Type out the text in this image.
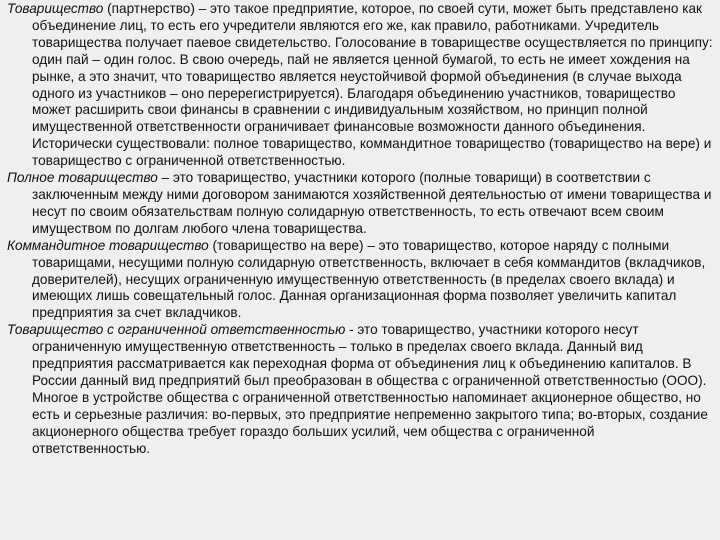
Товарищество (партнерство) – это такое предприятие, которое, по своей сути, может быть представлено как объединение лиц, то есть его учредители являются его же, как правило, работниками. Учредитель товарищества получает паевое свидетельство. Голосование в товариществе осуществляется по принципу: один пай – один голос. В свою очередь, пай не является ценной бумагой, то есть не имеет хождения на рынке, а это значит, что товарищество является неустойчивой формой объединения (в случае выхода одного из участников – оно перерегистрируется). Благодаря объединению участников, товарищество может расширить свои финансы в сравнении с индивидуальным хозяйством, но принцип полной имущественной ответственности ограничивает финансовые возможности данного объединения. Исторически существовали: полное товарищество, коммандитное товарищество (товарищество на вере) и товарищество с ограниченной ответственностью.

Полное товарищество – это товарищество, участники которого (полные товарищи) в соответствии с заключенным между ними договором занимаются хозяйственной деятельностью от имени товарищества и несут по своим обязательствам полную солидарную ответственность, то есть отвечают всем своим имуществом по долгам любого члена товарищества.

Коммандитное товарищество (товарищество на вере) – это товарищество, которое наряду с полными товарищами, несущими полную солидарную ответственность, включает в себя коммандитов (вкладчиков, доверителей), несущих ограниченную имущественную ответственность (в пределах своего вклада) и имеющих лишь совещательный голос. Данная организационная форма позволяет увеличить капитал предприятия за счет вкладчиков.

Товарищество с ограниченной ответственностью - это товарищество, участники которого несут ограниченную имущественную ответственность – только в пределах своего вклада. Данный вид предприятия рассматривается как переходная форма от объединения лиц к объединению капиталов. В России данный вид предприятий был преобразован в общества с ограниченной ответственностью (ООО). Многое в устройстве общества с ограниченной ответственностью напоминает акционерное общество, но есть и серьезные различия: во-первых, это предприятие непременно закрытого типа; во-вторых, создание акционерного общества требует гораздо больших усилий, чем общества с ограниченной ответственностью.
